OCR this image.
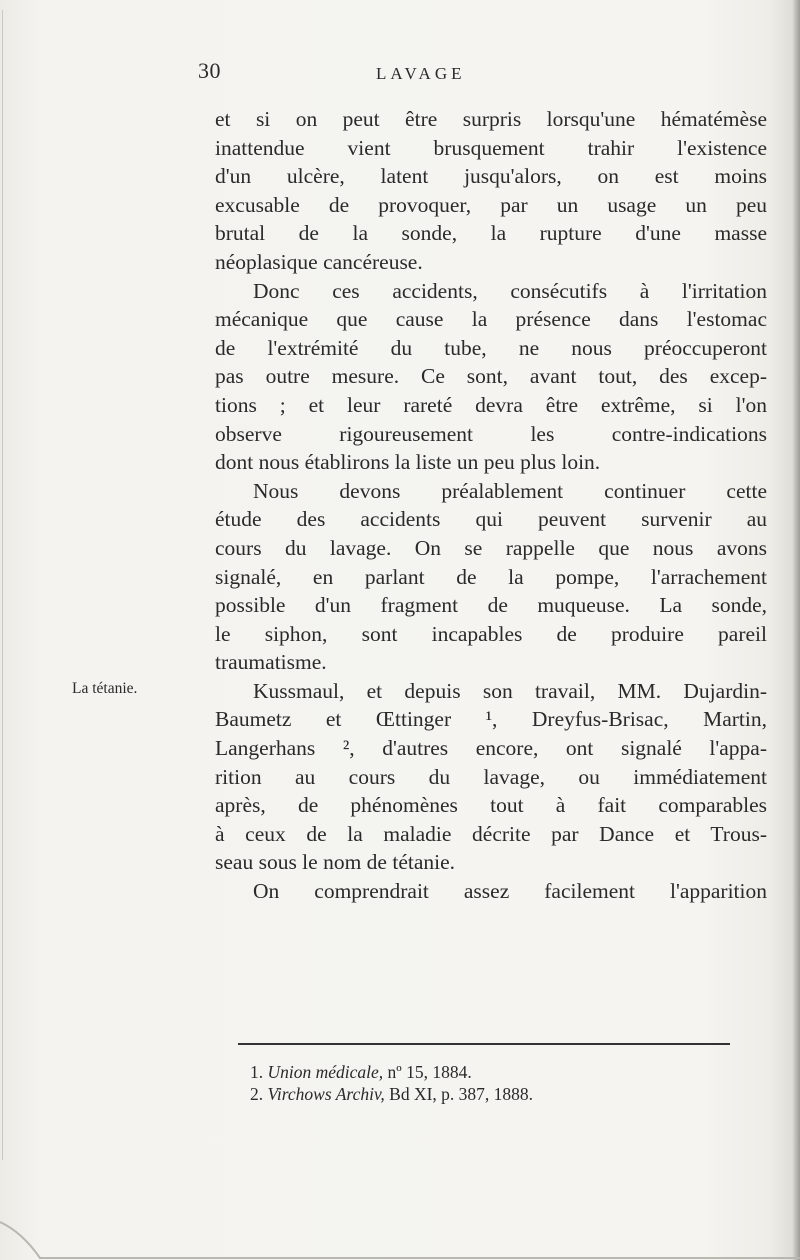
30	LAVAGE
La tétanie.
et si on peut être surpris lorsqu'une hématémèse
inattendue vient brusquement trahir l'existence
d'un ulcère, latent jusqu'alors, on est moins
excusable de provoquer, par un usage un peu
brutal de la sonde, la rupture d'une masse
néoplasique cancéreuse.
Donc ces accidents, consécutifs à l'irritation
mécanique que cause la présence dans l'estomac
de l'extrémité du tube, ne nous préoccuperont
pas outre mesure. Ce sont, avant tout, des excep-
tions ; et leur rareté devra être extrême, si l'on
observe rigoureusement les contre-indications
dont nous établirons la liste un peu plus loin.
Nous devons préalablement continuer cette
étude des accidents qui peuvent survenir au
cours du lavage. On se rappelle que nous avons
signalé, en parlant de la pompe, l'arrachement
possible d'un fragment de muqueuse. La sonde,
le siphon, sont incapables de produire pareil
traumatisme.
Kussmaul, et depuis son travail, MM. Dujardin-
Baumetz et Œttinger ¹, Dreyfus-Brisac, Martin,
Langerhans ², d'autres encore, ont signalé l'appa-
rition au cours du lavage, ou immédiatement
après, de phénomènes tout à fait comparables
à ceux de la maladie décrite par Dance et Trous-
seau sous le nom de tétanie.
On comprendrait assez facilement l'apparition
1. Union médicale, nº 15, 1884.
2. Virchows Archiv, Bd XI, p. 387, 1888.
